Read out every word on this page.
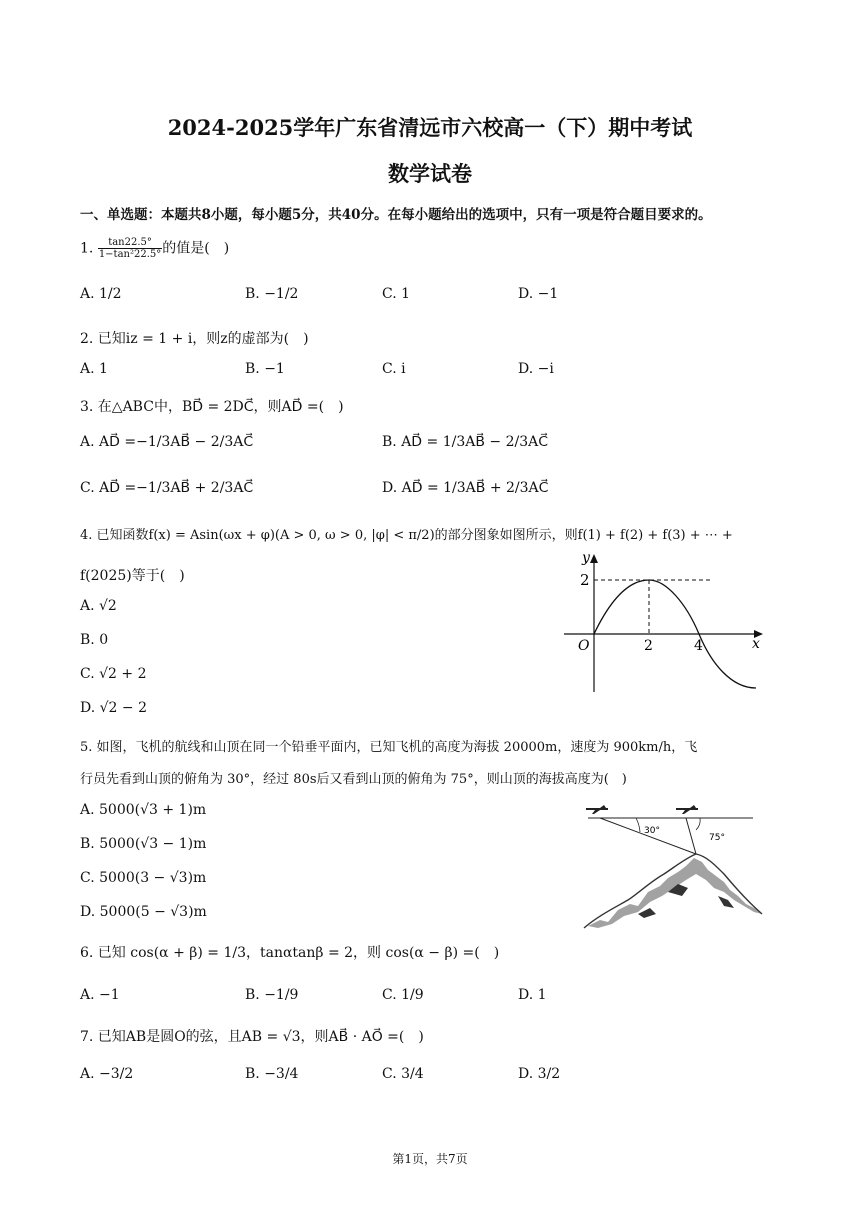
2024-2025学年广东省清远市六校高一（下）期中考试
数学试卷
一、单选题：本题共8小题，每小题5分，共40分。在每小题给出的选项中，只有一项是符合题目要求的。
1. $\frac{\tan 22.5^\circ}{\text{1−tan²22.5°}}$ 的值是(　)
A. 1/2	B. −1/2	C. 1	D. −1
2. 已知iz = 1 + i，则z的虚部为(　)
A. 1	B. −1	C. i	D. −i
3. 在△ABC中，BD⃗ = 2DC⃗，则AD⃗ =(　)
A. AD⃗ =−1/3AB⃗ − 2/3AC⃗	B. AD⃗ = 1/3AB⃗ − 2/3AC⃗
C. AD⃗ =−1/3AB⃗ + 2/3AC⃗	D. AD⃗ = 1/3AB⃗ + 2/3AC⃗
4. 已知函数f(x) = Asin(ωx + φ)(A > 0, ω > 0, |φ| < π/2)的部分图象如图所示，则f(1) + f(2) + f(3) + ⋯ +
f(2025)等于(　)
A. √2
B. 0
C. √2 + 2
D. √2 − 2
y
x
O
2
2	4
5. 如图，飞机的航线和山顶在同一个铅垂平面内，已知飞机的高度为海拔 20000m，速度为 900km/h，飞
行员先看到山顶的俯角为 30°，经过 80s后又看到山顶的俯角为 75°，则山顶的海拔高度为(　)
A. 5000(√3 + 1)m
B. 5000(√3 − 1)m
C. 5000(3 − √3)m
D. 5000(5 − √3)m
30°
75°
6. 已知 cos(α + β) = 1/3，tanαtanβ = 2，则 cos(α − β) =(　)
A. −1	B. −1/9	C. 1/9	D. 1
7. 已知AB是圆O的弦，且AB = √3，则AB⃗ · AO⃗ =(　)
A. −3/2	B. −3/4	C. 3/4	D. 3/2
第1页，共7页
